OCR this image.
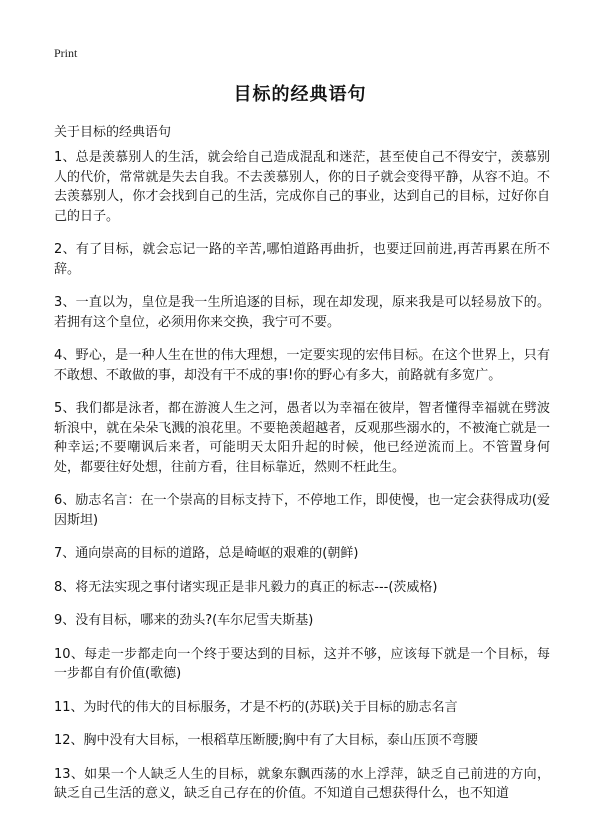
Print
目标的经典语句
关于目标的经典语句

1、总是羡慕别人的生活，就会给自己造成混乱和迷茫，甚至使自己不得安宁，羡慕别人的代价，常常就是失去自我。不去羡慕别人，你的日子就会变得平静，从容不迫。不去羡慕别人，你才会找到自己的生活，完成你自己的事业，达到自己的目标，过好你自己的日子。

2、有了目标，就会忘记一路的辛苦,哪怕道路再曲折，也要迂回前进,再苦再累在所不辞。

3、一直以为，皇位是我一生所追逐的目标，现在却发现，原来我是可以轻易放下的。若拥有这个皇位，必须用你来交换，我宁可不要。

4、野心，是一种人生在世的伟大理想，一定要实现的宏伟目标。在这个世界上，只有不敢想、不敢做的事，却没有干不成的事!你的野心有多大，前路就有多宽广。

5、我们都是泳者，都在游渡人生之河，愚者以为幸福在彼岸，智者懂得幸福就在劈波斩浪中，就在朵朵飞溅的浪花里。不要艳羡超越者，反观那些溺水的，不被淹亡就是一种幸运;不要嘲讽后来者，可能明天太阳升起的时候，他已经逆流而上。不管置身何处，都要往好处想，往前方看，往目标靠近，然则不枉此生。

6、励志名言：在一个崇高的目标支持下，不停地工作，即使慢，也一定会获得成功(爱因斯坦)

7、通向崇高的目标的道路，总是崎岖的艰难的(朝鲜)

8、将无法实现之事付诸实现正是非凡毅力的真正的标志---(茨威格)

9、没有目标，哪来的劲头?(车尔尼雪夫斯基)

10、每走一步都走向一个终于要达到的目标，这并不够，应该每下就是一个目标，每一步都自有价值(歌德)

11、为时代的伟大的目标服务，才是不朽的(苏联)关于目标的励志名言

12、胸中没有大目标，一根稻草压断腰;胸中有了大目标，泰山压顶不弯腰

13、如果一个人缺乏人生的目标，就象东飘西荡的水上浮萍，缺乏自己前进的方向，缺乏自己生活的意义，缺乏自己存在的价值。不知道自己想获得什么，也不知道
